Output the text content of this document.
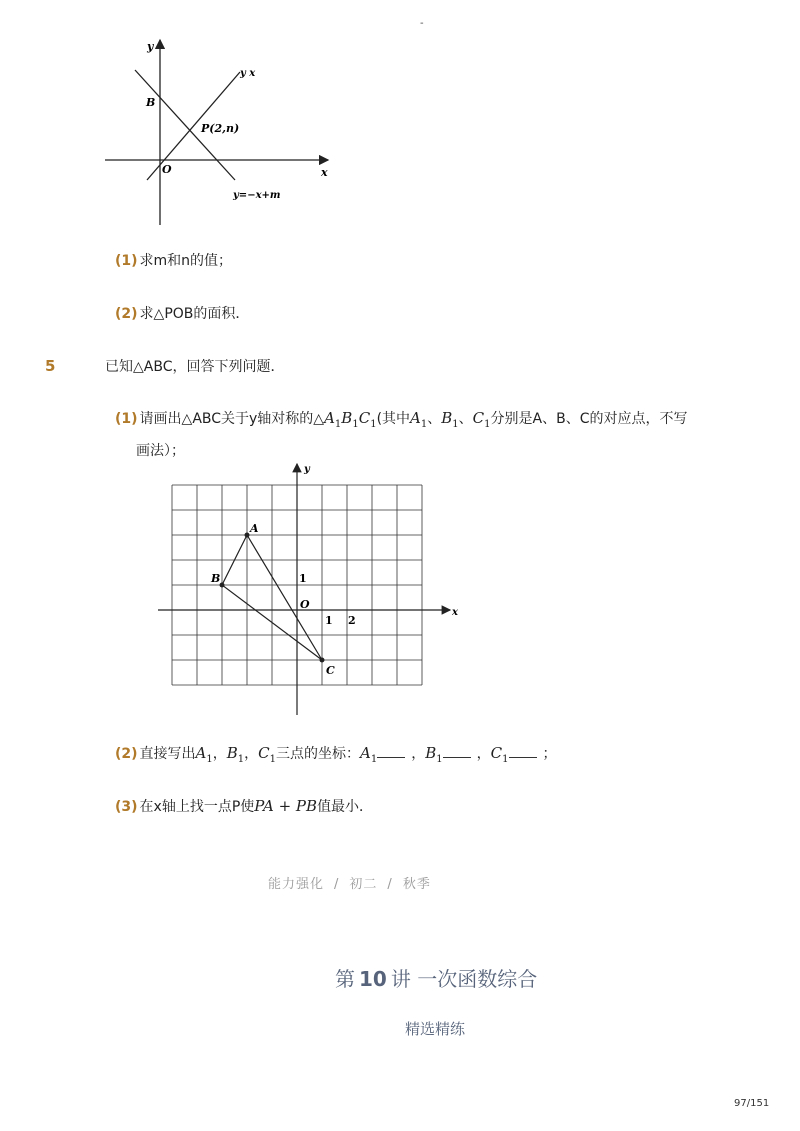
-
y
x
O
B
P(2,n)
y x
y=−x+m
(1) 求m和n的值；
(2) 求△POB的面积．
5	已知△ABC，回答下列问题．
(1) 请画出△ABC关于y轴对称的$\triangle A_1B_1C_1$(其中$A_1$、$B_1$、$C_1$分别是A、B、C的对应点，不写
画法）；
A
B
C
y
x
O
1
1 2
(2) 直接写出$A_1$，$B_1$，$C_1$三点的坐标：$A_1$ ，$B_1$ ，$C_1$ ；
(3) 在x轴上找一点P使PA + PB值最小．
能力强化 / 初二 / 秋季
第 10 讲 一次函数综合
精选精练
97/151
